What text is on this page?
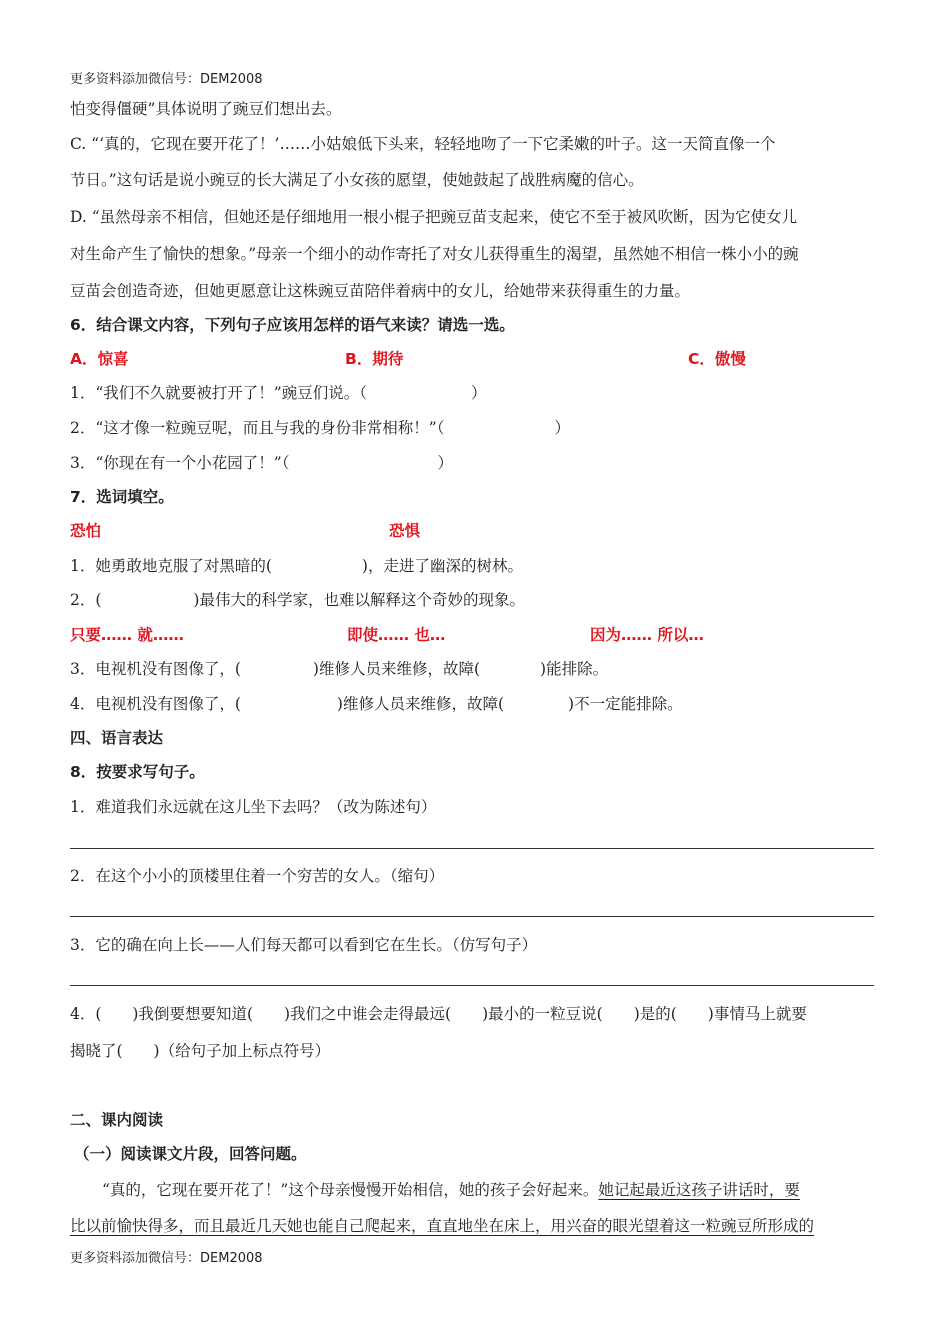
更多资料添加微信号：DEM2008
怕变得僵硬”具体说明了豌豆们想出去。
C. “‘真的，它现在要开花了！’……小姑娘低下头来，轻轻地吻了一下它柔嫩的叶子。这一天简直像一个
节日。”这句话是说小豌豆的长大满足了小女孩的愿望，使她鼓起了战胜病魔的信心。
D. “虽然母亲不相信，但她还是仔细地用一根小棍子把豌豆苗支起来，使它不至于被风吹断，因为它使女儿
对生命产生了愉快的想象。”母亲一个细小的动作寄托了对女儿获得重生的渴望，虽然她不相信一株小小的豌
豆苗会创造奇迹，但她更愿意让这株豌豆苗陪伴着病中的女儿，给她带来获得重生的力量。
6．结合课文内容，下列句子应该用怎样的语气来读？请选一选。
A．惊喜	B．期待	C．傲慢
1．“我们不久就要被打开了！”豌豆们说。（	）
2．“这才像一粒豌豆呢，而且与我的身份非常相称！”（	）
3．“你现在有一个小花园了！”（	）
7．选词填空。
恐怕	恐惧
1．她勇敢地克服了对黑暗的(	)，走进了幽深的树林。
2．(	)最伟大的科学家，也难以解释这个奇妙的现象。
只要…… 就……	即使…… 也…	因为…… 所以…
3．电视机没有图像了，(	)维修人员来维修，故障(	)能排除。
4．电视机没有图像了，(	)维修人员来维修，故障(	)不一定能排除。
四、语言表达
8．按要求写句子。
1．难道我们永远就在这儿坐下去吗？（改为陈述句）
2．在这个小小的顶楼里住着一个穷苦的女人。（缩句）
3．它的确在向上长——人们每天都可以看到它在生长。（仿写句子）
4．(　　)我倒要想要知道(　　)我们之中谁会走得最远(　　)最小的一粒豆说(　　)是的(　　)事情马上就要
揭晓了(　　)（给句子加上标点符号）
二、课内阅读
（一）阅读课文片段，回答问题。
“真的，它现在要开花了！”这个母亲慢慢开始相信，她的孩子会好起来。她记起最近这孩子讲话时，要
比以前愉快得多，而且最近几天她也能自己爬起来，直直地坐在床上，用兴奋的眼光望着这一粒豌豆所形成的
更多资料添加微信号：DEM2008
